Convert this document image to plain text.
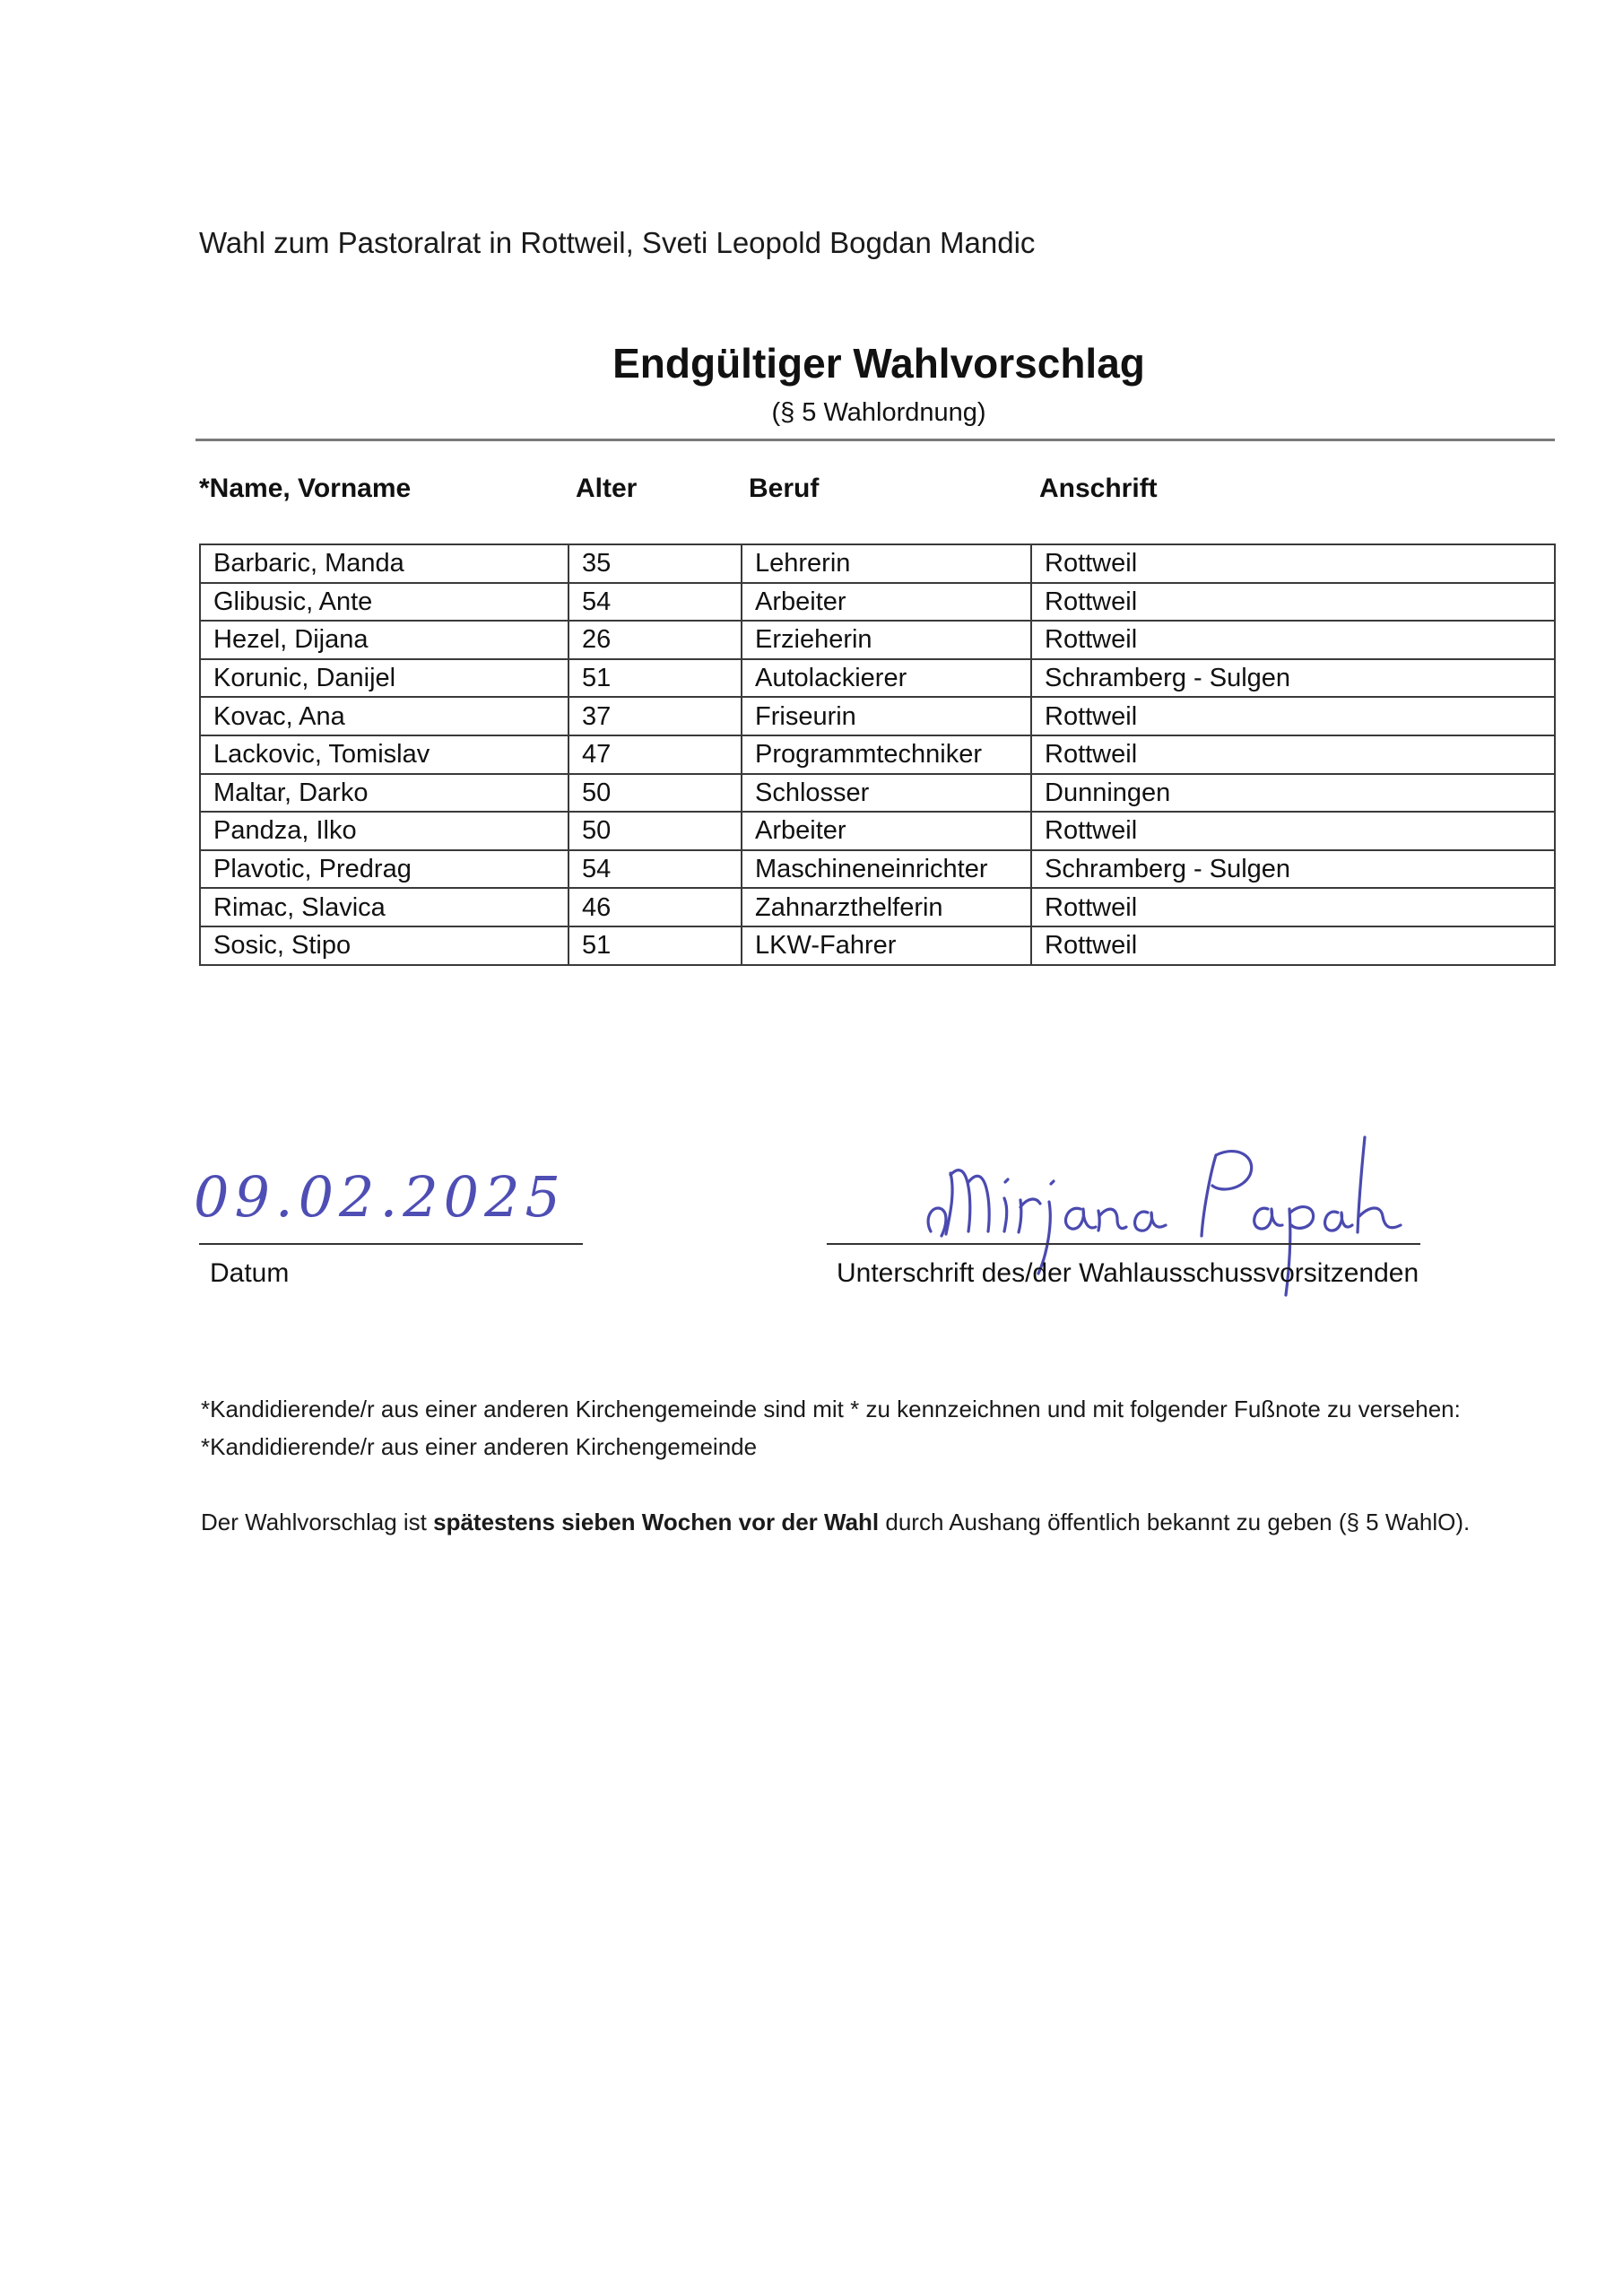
Wahl zum Pastoralrat in Rottweil, Sveti Leopold Bogdan Mandic
Endgültiger Wahlvorschlag
(§ 5 Wahlordnung)
*Name, Vorname	Alter	Beruf	Anschrift
Barbaric, Manda	35	Lehrerin	Rottweil
Glibusic, Ante	54	Arbeiter	Rottweil
Hezel, Dijana	26	Erzieherin	Rottweil
Korunic, Danijel	51	Autolackierer	Schramberg - Sulgen
Kovac, Ana	37	Friseurin	Rottweil
Lackovic, Tomislav	47	Programmtechniker	Rottweil
Maltar, Darko	50	Schlosser	Dunningen
Pandza, Ilko	50	Arbeiter	Rottweil
Plavotic, Predrag	54	Maschineneinrichter	Schramberg - Sulgen
Rimac, Slavica	46	Zahnarzthelferin	Rottweil
Sosic, Stipo	51	LKW-Fahrer	Rottweil
09.02.2025
Datum	Unterschrift des/der Wahlausschussvorsitzenden
*Kandidierende/r aus einer anderen Kirchengemeinde sind mit * zu kennzeichnen und mit folgender Fußnote zu versehen:
*Kandidierende/r aus einer anderen Kirchengemeinde
Der Wahlvorschlag ist spätestens sieben Wochen vor der Wahl durch Aushang öffentlich bekannt zu geben (§ 5 WahlO).
